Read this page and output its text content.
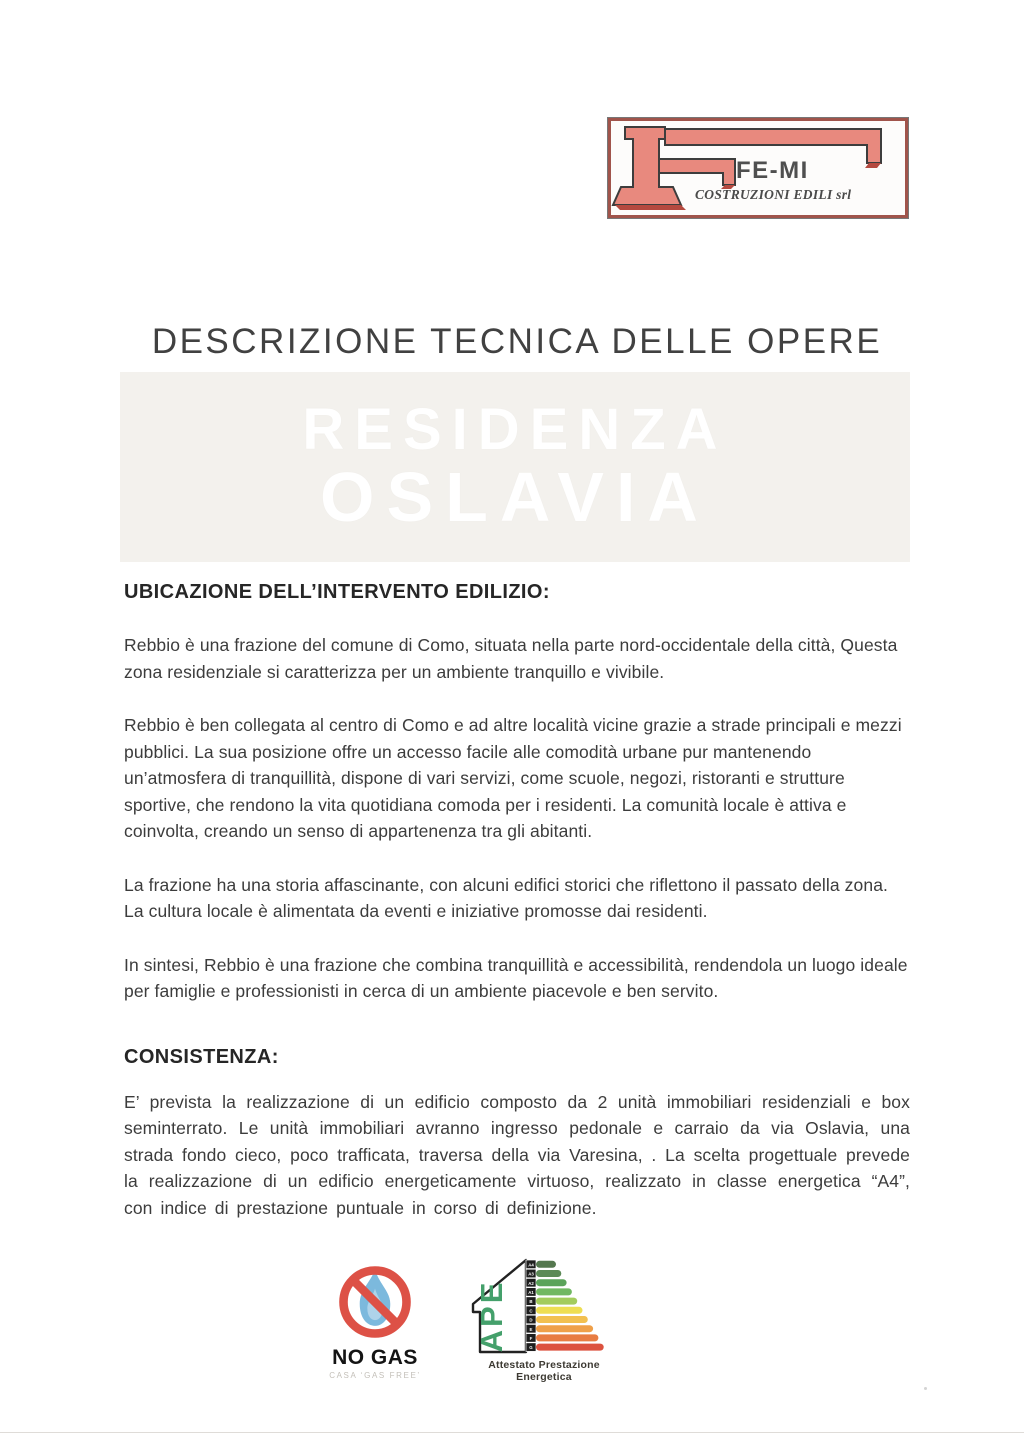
FE-MI
COSTRUZIONI EDILI srl
DESCRIZIONE TECNICA DELLE OPERE
RESIDENZA
OSLAVIA
UBICAZIONE DELL’INTERVENTO EDILIZIO:

Rebbio è una frazione del comune di Como, situata nella parte nord-occidentale della città, Questa zona residenziale si caratterizza per un ambiente tranquillo e vivibile.

Rebbio è ben collegata al centro di Como e ad altre località vicine grazie a strade principali e mezzi pubblici. La sua posizione offre un accesso facile alle comodità urbane pur mantenendo un’atmosfera di tranquillità, dispone di vari servizi, come scuole, negozi, ristoranti e strutture sportive, che rendono la vita quotidiana comoda per i residenti. La comunità locale è attiva e coinvolta, creando un senso di appartenenza tra gli abitanti.

La frazione ha una storia affascinante, con alcuni edifici storici che riflettono il passato della zona. La cultura locale è alimentata da eventi e iniziative promosse dai residenti.

In sintesi, Rebbio è una frazione che combina tranquillità e accessibilità, rendendola un luogo ideale per famiglie e professionisti in cerca di un ambiente piacevole e ben servito.

CONSISTENZA:

E’ prevista la realizzazione di un edificio composto da 2 unità immobiliari residenziali e box seminterrato. Le unità immobiliari avranno ingresso pedonale e carraio da via Oslavia, una strada fondo cieco, poco trafficata, traversa della via Varesina, . La scelta progettuale prevede la realizzazione di un edificio energeticamente virtuoso, realizzato in classe energetica “A4”, con indice di prestazione puntuale in corso di definizione.

NO GAS
CASA ‘GAS FREE’
APE
A4
A3
A2
A1
B
C
D
E
F
G
Attestato Prestazione Energetica
